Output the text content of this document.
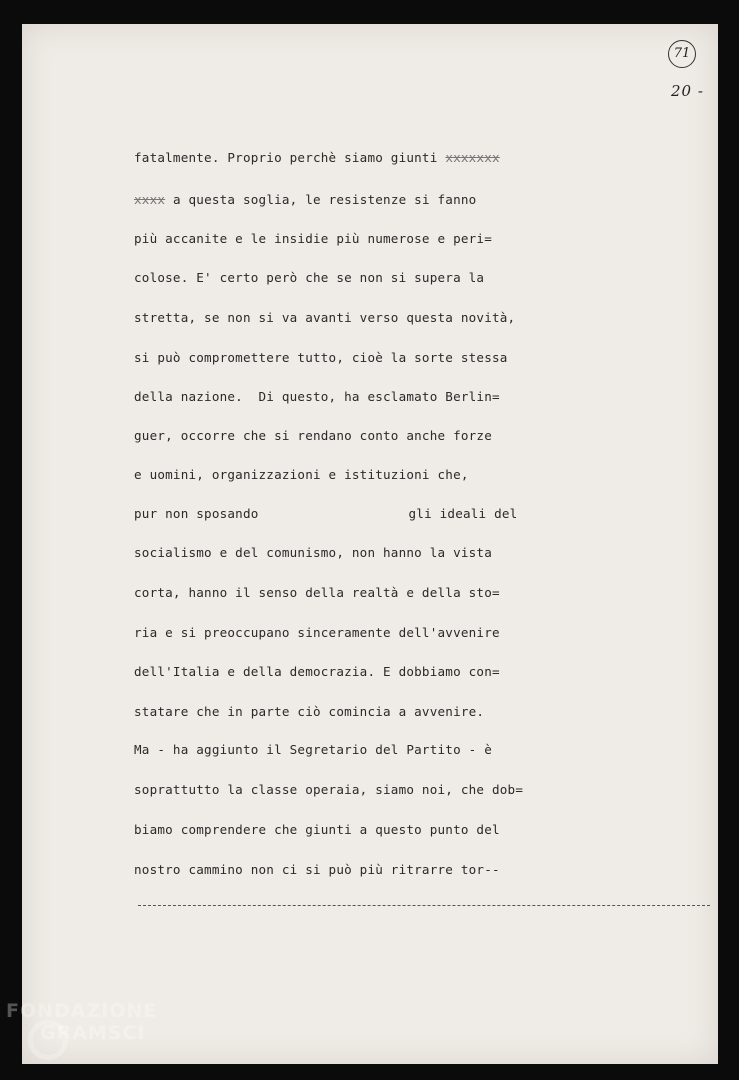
71
20 -
fatalmente. Proprio perchè siamo giunti xxxxxxx
xxxx a questa soglia, le resistenze si fanno
più accanite e le insidie più numerose e peri=
colose. E' certo però che se non si supera la
stretta, se non si va avanti verso questa novità,
si può compromettere tutto, cioè la sorte stessa
della nazione.  Di questo, ha esclamato Berlin=
guer, occorre che si rendano conto anche forze
e uomini, organizzazioni e istituzioni che,
pur non sposando	gli ideali del
socialismo e del comunismo, non hanno la vista
corta, hanno il senso della realtà e della sto=
ria e si preoccupano sinceramente dell'avvenire
dell'Italia e della democrazia. E dobbiamo con=
statare che in parte ciò comincia a avvenire.
Ma - ha aggiunto il Segretario del Partito - è
soprattutto la classe operaia, siamo noi, che dob=
biamo comprendere che giunti a questo punto del
nostro cammino non ci si può più ritrarre tor--
FONDAZIONE
GRAMSCI
